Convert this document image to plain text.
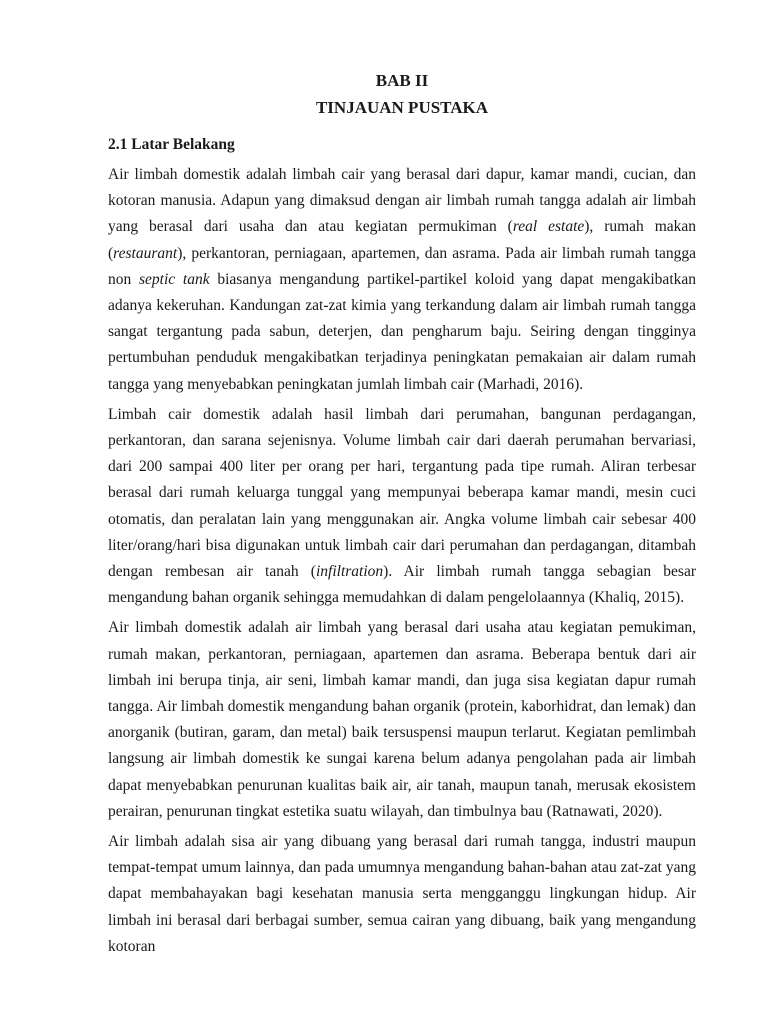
BAB II
TINJAUAN PUSTAKA
2.1 Latar Belakang

Air limbah domestik adalah limbah cair yang berasal dari dapur, kamar mandi, cucian, dan kotoran manusia. Adapun yang dimaksud dengan air limbah rumah tangga adalah air limbah yang berasal dari usaha dan atau kegiatan permukiman (real estate), rumah makan (restaurant), perkantoran, perniagaan, apartemen, dan asrama. Pada air limbah rumah tangga non septic tank biasanya mengandung partikel-partikel koloid yang dapat mengakibatkan adanya kekeruhan. Kandungan zat-zat kimia yang terkandung dalam air limbah rumah tangga sangat tergantung pada sabun, deterjen, dan pengharum baju. Seiring dengan tingginya pertumbuhan penduduk mengakibatkan terjadinya peningkatan pemakaian air dalam rumah tangga yang menyebabkan peningkatan jumlah limbah cair (Marhadi, 2016).

Limbah cair domestik adalah hasil limbah dari perumahan, bangunan perdagangan, perkantoran, dan sarana sejenisnya. Volume limbah cair dari daerah perumahan bervariasi, dari 200 sampai 400 liter per orang per hari, tergantung pada tipe rumah. Aliran terbesar berasal dari rumah keluarga tunggal yang mempunyai beberapa kamar mandi, mesin cuci otomatis, dan peralatan lain yang menggunakan air. Angka volume limbah cair sebesar 400 liter/orang/hari bisa digunakan untuk limbah cair dari perumahan dan perdagangan, ditambah dengan rembesan air tanah (infiltration). Air limbah rumah tangga sebagian besar mengandung bahan organik sehingga memudahkan di dalam pengelolaannya (Khaliq, 2015).

Air limbah domestik adalah air limbah yang berasal dari usaha atau kegiatan pemukiman, rumah makan, perkantoran, perniagaan, apartemen dan asrama. Beberapa bentuk dari air limbah ini berupa tinja, air seni, limbah kamar mandi, dan juga sisa kegiatan dapur rumah tangga. Air limbah domestik mengandung bahan organik (protein, kaborhidrat, dan lemak) dan anorganik (butiran, garam, dan metal) baik tersuspensi maupun terlarut. Kegiatan pemlimbah langsung air limbah domestik ke sungai karena belum adanya pengolahan pada air limbah dapat menyebabkan penurunan kualitas baik air, air tanah, maupun tanah, merusak ekosistem perairan, penurunan tingkat estetika suatu wilayah, dan timbulnya bau (Ratnawati, 2020).

Air limbah adalah sisa air yang dibuang yang berasal dari rumah tangga, industri maupun tempat-tempat umum lainnya, dan pada umumnya mengandung bahan-bahan atau zat-zat yang dapat membahayakan bagi kesehatan manusia serta mengganggu lingkungan hidup. Air limbah ini berasal dari berbagai sumber, semua cairan yang dibuang, baik yang mengandung kotoran
